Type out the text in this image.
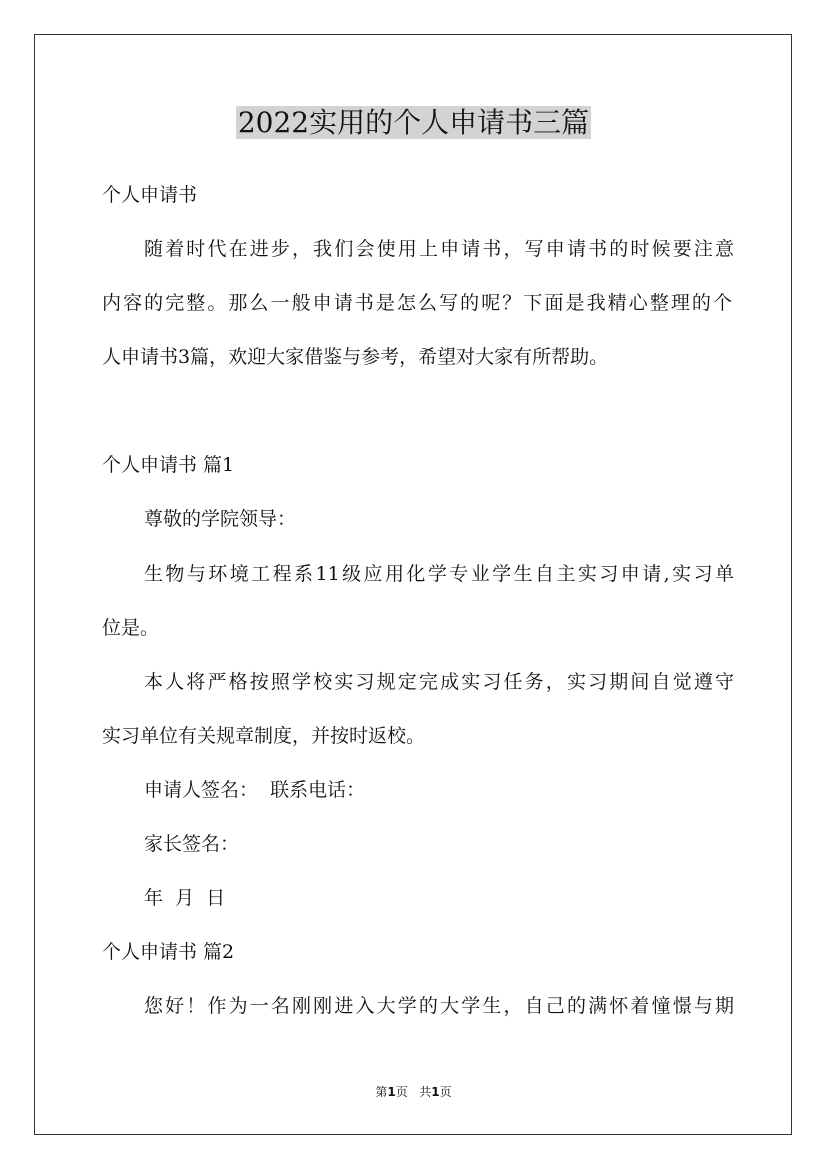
2022实用的个人申请书三篇
个人申请书
随着时代在进步，我们会使用上申请书，写申请书的时候要注意
内容的完整。那么一般申请书是怎么写的呢？下面是我精心整理的个
人申请书3篇，欢迎大家借鉴与参考，希望对大家有所帮助。
个人申请书 篇1
尊敬的学院领导：
生物与环境工程系11级应用化学专业学生自主实习申请,实习单
位是。
本人将严格按照学校实习规定完成实习任务，实习期间自觉遵守
实习单位有关规章制度，并按时返校。
申请人签名：  联系电话：
家长签名：
年  月  日
个人申请书 篇2
您好！作为一名刚刚进入大学的大学生，自己的满怀着憧憬与期
第1页 共1页
